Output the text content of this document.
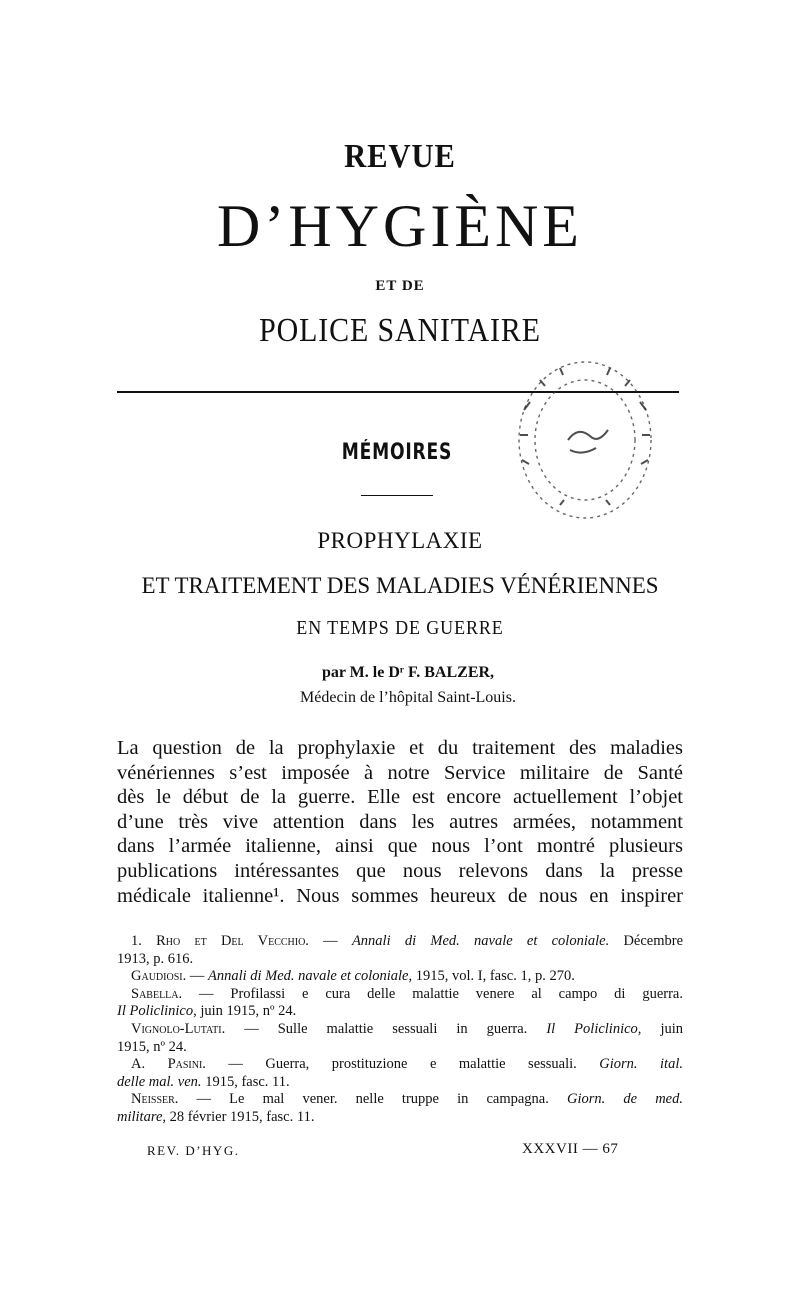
REVUE
D’HYGIÈNE
ET DE
POLICE SANITAIRE
MÉMOIRES
PROPHYLAXIE
ET TRAITEMENT DES MALADIES VÉNÉRIENNES
EN TEMPS DE GUERRE
par M. le Dʳ F. BALZER,
Médecin de l’hôpital Saint-Louis.
La question de la prophylaxie et du traitement des maladies
vénériennes s’est imposée à notre Service militaire de Santé
dès le début de la guerre. Elle est encore actuellement l’objet
d’une très vive attention dans les autres armées, notamment
dans l’armée italienne, ainsi que nous l’ont montré plusieurs
publications intéressantes que nous relevons dans la presse
médicale italienne¹. Nous sommes heureux de nous en inspirer
1. Rho et Del Vecchio. — Annali di Med. navale et coloniale. Décembre
1913, p. 616.
Gaudiosi. — Annali di Med. navale et coloniale, 1915, vol. I, fasc. 1, p. 270.
Sabella. — Profilassi e cura delle malattie venere al campo di guerra.
Il Policlinico, juin 1915, nº 24.
Vignolo-Lutati. — Sulle malattie sessuali in guerra. Il Policlinico, juin
1915, nº 24.
A. Pasini. — Guerra, prostituzione e malattie sessuali. Giorn. ital.
delle mal. ven. 1915, fasc. 11.
Neisser. — Le mal vener. nelle truppe in campagna. Giorn. de med.
militare, 28 février 1915, fasc. 11.
REV. D’HYG.	XXXVII — 67
